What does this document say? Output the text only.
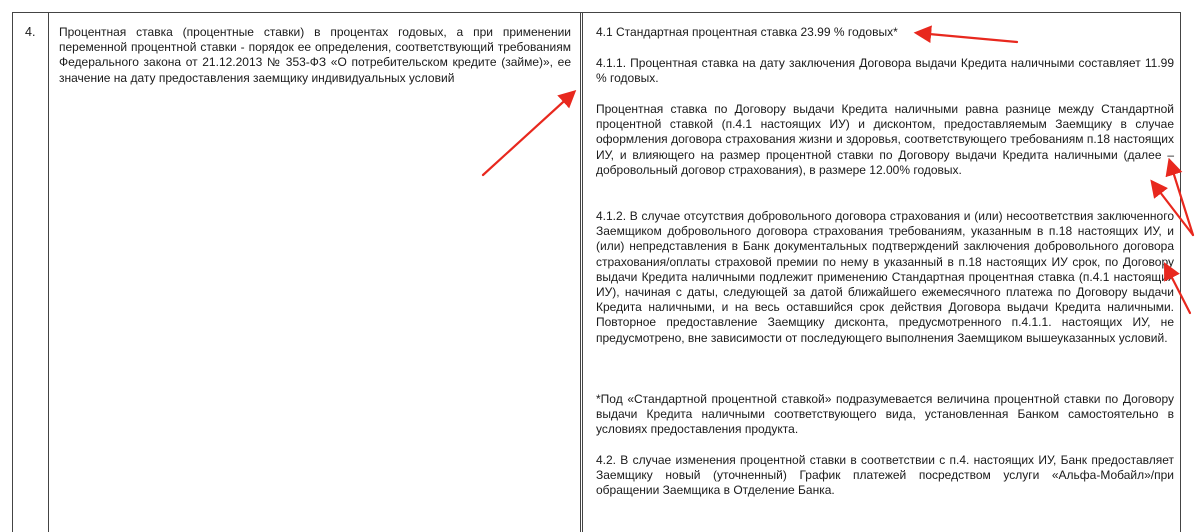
4. Процентная ставка (процентные ставки) в процентах годовых, а при применении переменной процентной ставки - порядок ее определения, соответствующий требованиям Федерального закона от 21.12.2013 № 353-ФЗ «О потребительском кредите (займе)», ее значение на дату предоставления заемщику индивидуальных условий
4.1 Стандартная процентная ставка 23.99 % годовых*
4.1.1. Процентная ставка на дату заключения Договора выдачи Кредита наличными составляет 11.99 % годовых.
Процентная ставка по Договору выдачи Кредита наличными равна разнице между Стандартной процентной ставкой (п.4.1 настоящих ИУ) и дисконтом, предоставляемым Заемщику в случае оформления договора страхования жизни и здоровья, соответствующего требованиям п.18 настоящих ИУ, и влияющего на размер процентной ставки по Договору выдачи Кредита наличными (далее – добровольный договор страхования), в размере 12.00% годовых.
4.1.2. В случае отсутствия добровольного договора страхования и (или) несоответствия заключенного Заемщиком добровольного договора страхования требованиям, указанным в п.18 настоящих ИУ, и (или) непредставления в Банк документальных подтверждений заключения добровольного договора страхования/оплаты страховой премии по нему в указанный в п.18 настоящих ИУ срок, по Договору выдачи Кредита наличными подлежит применению Стандартная процентная ставка (п.4.1 настоящих ИУ), начиная с даты, следующей за датой ближайшего ежемесячного платежа по Договору выдачи Кредита наличными, и на весь оставшийся срок действия Договора выдачи Кредита наличными. Повторное предоставление Заемщику дисконта, предусмотренного п.4.1.1. настоящих ИУ, не предусмотрено, вне зависимости от последующего выполнения Заемщиком вышеуказанных условий.
*Под «Стандартной процентной ставкой» подразумевается величина процентной ставки по Договору выдачи Кредита наличными соответствующего вида, установленная Банком самостоятельно в условиях предоставления продукта.
4.2. В случае изменения процентной ставки в соответствии с п.4. настоящих ИУ, Банк предоставляет Заемщику новый (уточненный) График платежей посредством услуги «Альфа-Мобайл»/при обращении Заемщика в Отделение Банка.
